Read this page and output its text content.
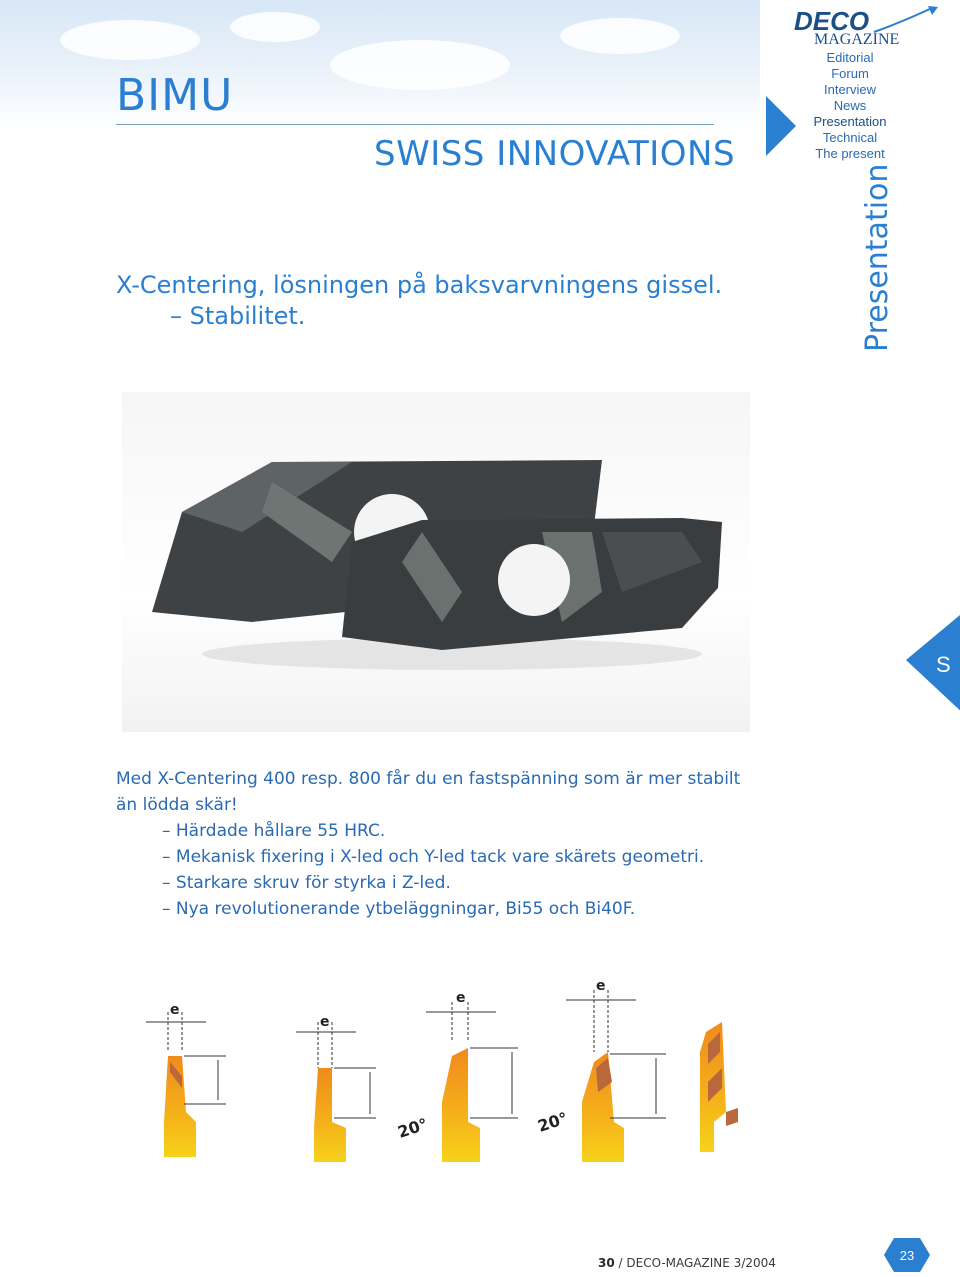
BIMU
SWISS INNOVATIONS
X-Centering, lösningen på baksvarvningens gissel.
– Stabilitet.
DECO
MAGAZINE
Editorial
Forum
Interview
News
Presentation
Technical
The present
Presentation
S
Med X-Centering 400 resp. 800 får du en fastspänning som är mer stabilt
än lödda skär!
– Härdade hållare 55 HRC.
– Mekanisk fixering i X-led och Y-led tack vare skärets geometri.
– Starkare skruv för styrka i Z-led.
– Nya revolutionerande ytbeläggningar, Bi55 och Bi40F.
e
e
e
20°
e
20°
30 / DECO-MAGAZINE 3/2004	23
